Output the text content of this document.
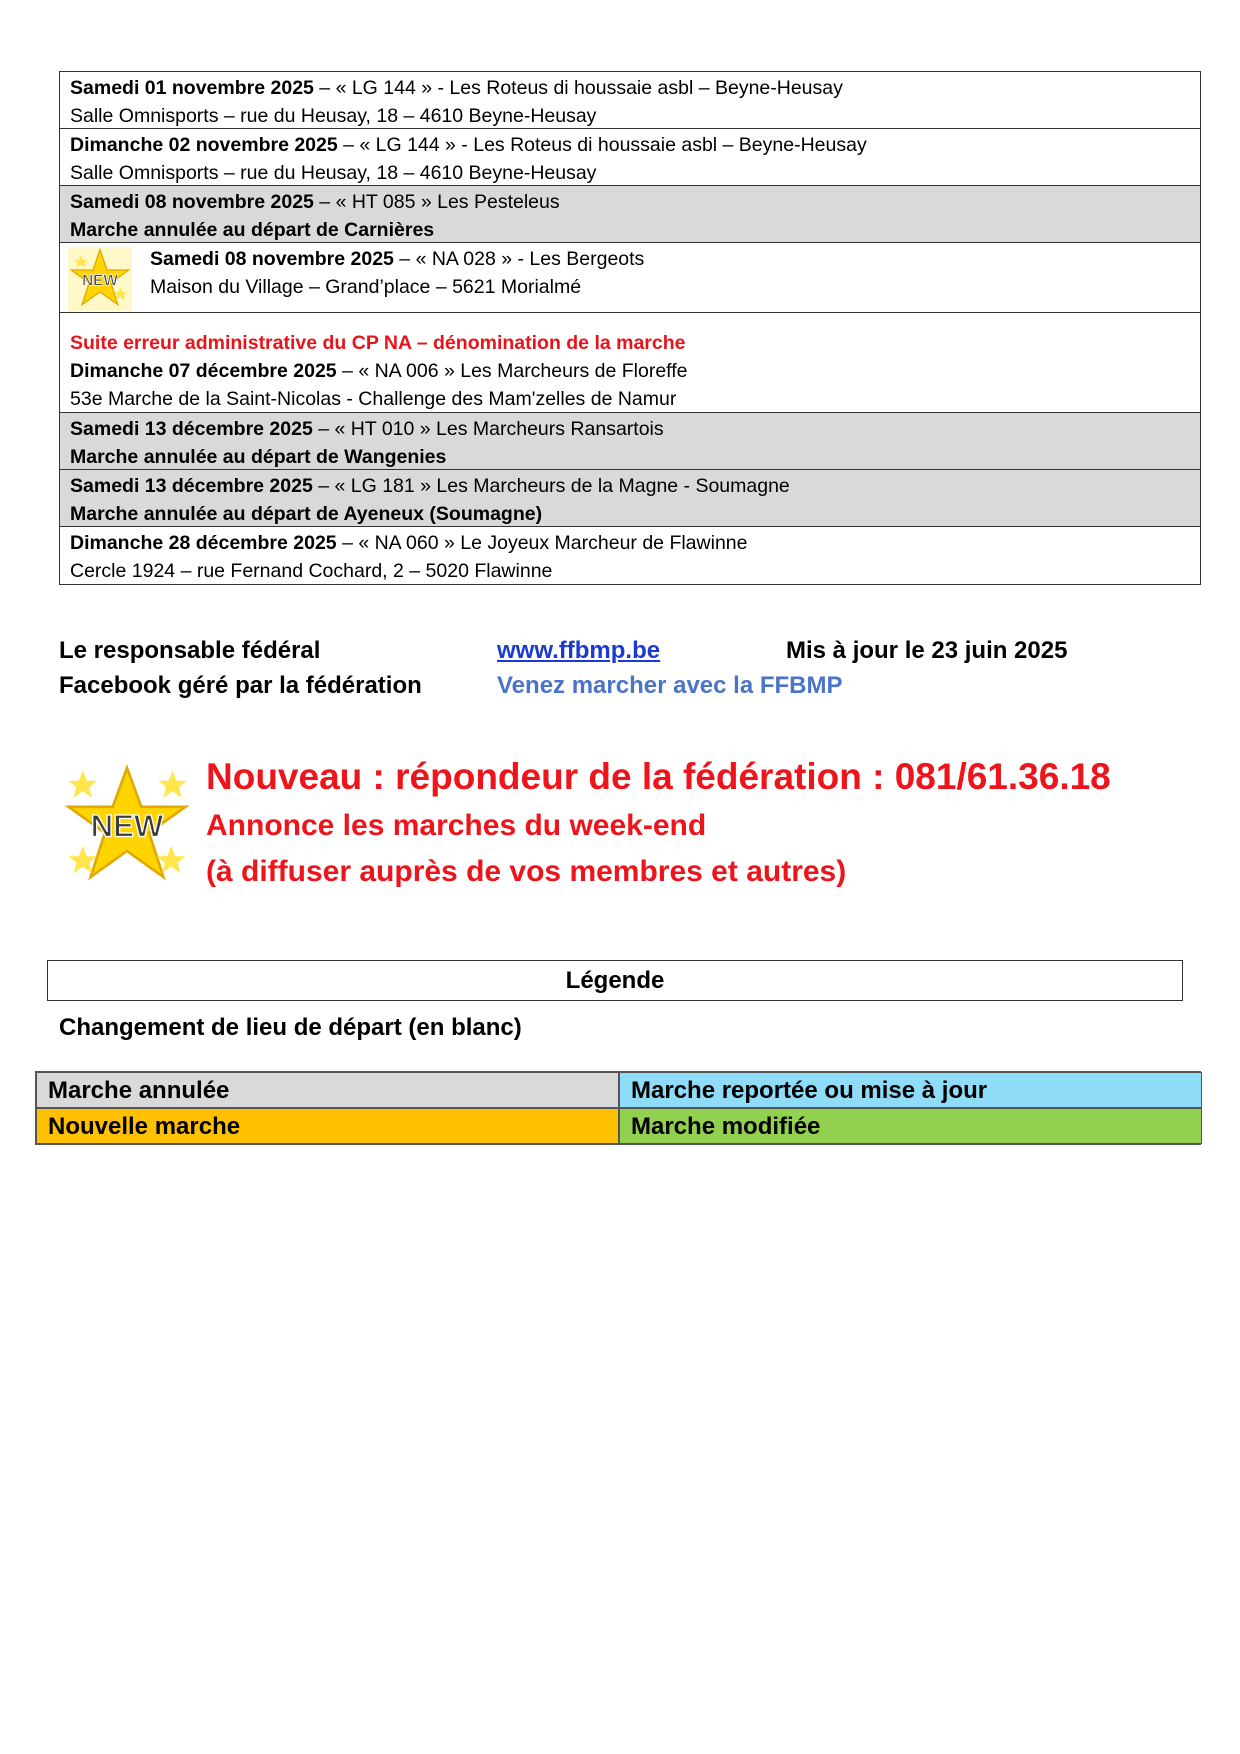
Samedi 01 novembre 2025 – « LG 144 » - Les Roteus di houssaie asbl – Beyne-Heusay
Salle Omnisports – rue du Heusay, 18 – 4610 Beyne-Heusay
Dimanche 02 novembre 2025 – « LG 144 » - Les Roteus di houssaie asbl – Beyne-Heusay
Salle Omnisports – rue du Heusay, 18 – 4610 Beyne-Heusay
Samedi 08 novembre 2025 – « HT 085 » Les Pesteleus
Marche annulée au départ de Carnières
NEW
Samedi 08 novembre 2025 – « NA 028 » - Les Bergeots
Maison du Village – Grand’place – 5621 Morialmé
Suite erreur administrative du CP NA – dénomination de la marche
Dimanche 07 décembre 2025 – « NA 006 » Les Marcheurs de Floreffe
53e Marche de la Saint-Nicolas - Challenge des Mam'zelles de Namur
Samedi 13 décembre 2025 – « HT 010 » Les Marcheurs Ransartois
Marche annulée au départ de Wangenies
Samedi 13 décembre 2025 – « LG 181 » Les Marcheurs de la Magne - Soumagne
Marche annulée au départ de Ayeneux (Soumagne)
Dimanche 28 décembre 2025 – « NA 060 » Le Joyeux Marcheur de Flawinne
Cercle 1924 – rue Fernand Cochard, 2 – 5020 Flawinne
Le responsable fédéral	www.ffbmp.be	Mis à jour le 23 juin 2025
Facebook géré par la fédération	Venez marcher avec la FFBMP
NEW
Nouveau : répondeur de la fédération : 081/61.36.18
Annonce les marches du week-end
(à diffuser auprès de vos membres et autres)
Légende
Changement de lieu de départ (en blanc)
Marche annulée	Marche reportée ou mise à jour
Nouvelle marche	Marche modifiée
